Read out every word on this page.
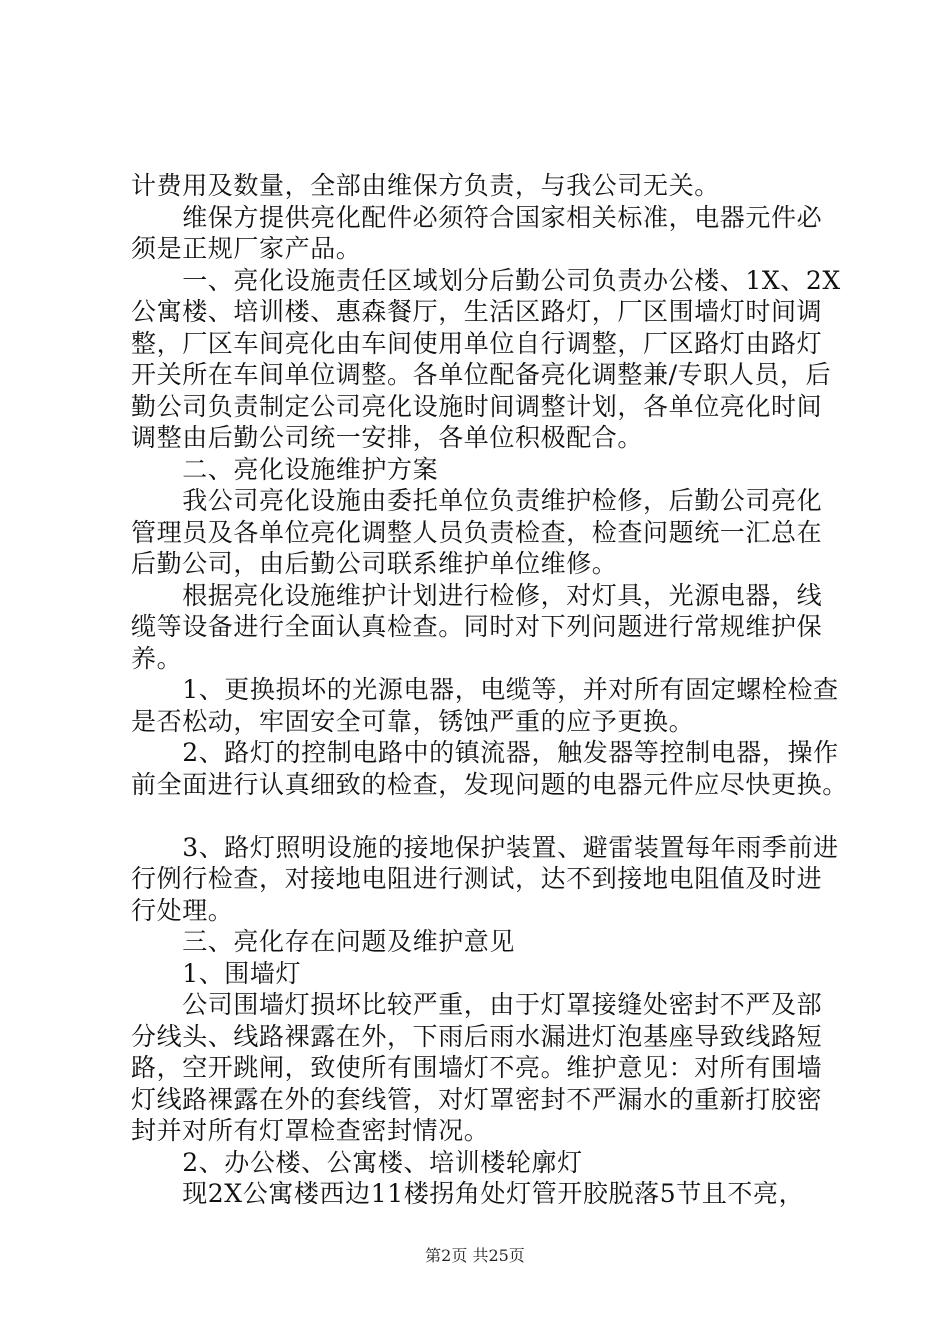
计费用及数量，全部由维保方负责，与我公司无关。
　　维保方提供亮化配件必须符合国家相关标准，电器元件必
须是正规厂家产品。
　　一、亮化设施责任区域划分后勤公司负责办公楼、1X、2X
公寓楼、培训楼、惠森餐厅，生活区路灯，厂区围墙灯时间调
整，厂区车间亮化由车间使用单位自行调整，厂区路灯由路灯
开关所在车间单位调整。各单位配备亮化调整兼/专职人员，后
勤公司负责制定公司亮化设施时间调整计划，各单位亮化时间
调整由后勤公司统一安排，各单位积极配合。
　　二、亮化设施维护方案
　　我公司亮化设施由委托单位负责维护检修，后勤公司亮化
管理员及各单位亮化调整人员负责检查，检查问题统一汇总在
后勤公司，由后勤公司联系维护单位维修。
　　根据亮化设施维护计划进行检修，对灯具，光源电器，线
缆等设备进行全面认真检查。同时对下列问题进行常规维护保
养。
　　1、更换损坏的光源电器，电缆等，并对所有固定螺栓检查
是否松动，牢固安全可靠，锈蚀严重的应予更换。
　　2、路灯的控制电路中的镇流器，触发器等控制电器，操作
前全面进行认真细致的检查，发现问题的电器元件应尽快更换。
　　3、路灯照明设施的接地保护装置、避雷装置每年雨季前进
行例行检查，对接地电阻进行测试，达不到接地电阻值及时进
行处理。
　　三、亮化存在问题及维护意见
　　1、围墙灯
　　公司围墙灯损坏比较严重，由于灯罩接缝处密封不严及部
分线头、线路裸露在外，下雨后雨水漏进灯泡基座导致线路短
路，空开跳闸，致使所有围墙灯不亮。维护意见：对所有围墙
灯线路裸露在外的套线管，对灯罩密封不严漏水的重新打胶密
封并对所有灯罩检查密封情况。
　　2、办公楼、公寓楼、培训楼轮廓灯
　　现2X公寓楼西边11楼拐角处灯管开胶脱落5节且不亮，
第2页 共25页
